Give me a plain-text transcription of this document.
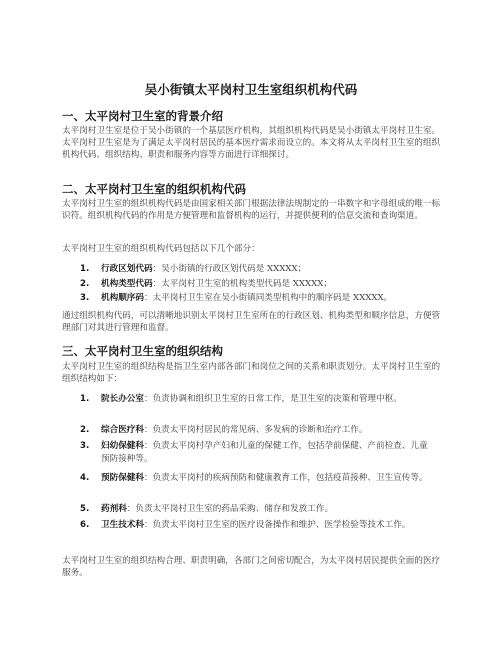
吴小街镇太平岗村卫生室组织机构代码
一、太平岗村卫生室的背景介绍
太平岗村卫生室是位于吴小街镇的一个基层医疗机构，其组织机构代码是吴小街镇太平岗村卫生室。太平岗村卫生室是为了满足太平岗村居民的基本医疗需求而设立的。本文将从太平岗村卫生室的组织机构代码、组织结构、职责和服务内容等方面进行详细探讨。
二、太平岗村卫生室的组织机构代码
太平岗村卫生室的组织机构代码是由国家相关部门根据法律法规制定的一串数字和字母组成的唯一标识符。组织机构代码的作用是方便管理和监督机构的运行，并提供便利的信息交流和查询渠道。
太平岗村卫生室的组织机构代码包括以下几个部分：
1. 行政区划代码：吴小街镇的行政区划代码是 XXXXX；
2. 机构类型代码：太平岗村卫生室的机构类型代码是 XXXXX；
3. 机构顺序码：太平岗村卫生室在吴小街镇同类型机构中的顺序码是 XXXXX。
通过组织机构代码，可以清晰地识别太平岗村卫生室所在的行政区划、机构类型和顺序信息，方便管理部门对其进行管理和监督。
三、太平岗村卫生室的组织结构
太平岗村卫生室的组织结构是指卫生室内部各部门和岗位之间的关系和职责划分。太平岗村卫生室的组织结构如下：
1. 院长办公室：负责协调和组织卫生室的日常工作，是卫生室的决策和管理中枢。
2. 综合医疗科：负责太平岗村居民的常见病、多发病的诊断和治疗工作。
3. 妇幼保健科：负责太平岗村孕产妇和儿童的保健工作，包括孕前保健、产前检查、儿童预防接种等。
4. 预防保健科：负责太平岗村的疾病预防和健康教育工作，包括疫苗接种、卫生宣传等。
5. 药剂科：负责太平岗村卫生室的药品采购、储存和发放工作。
6. 卫生技术科：负责太平岗村卫生室的医疗设备操作和维护、医学检验等技术工作。
太平岗村卫生室的组织结构合理、职责明确，各部门之间密切配合，为太平岗村居民提供全面的医疗服务。
